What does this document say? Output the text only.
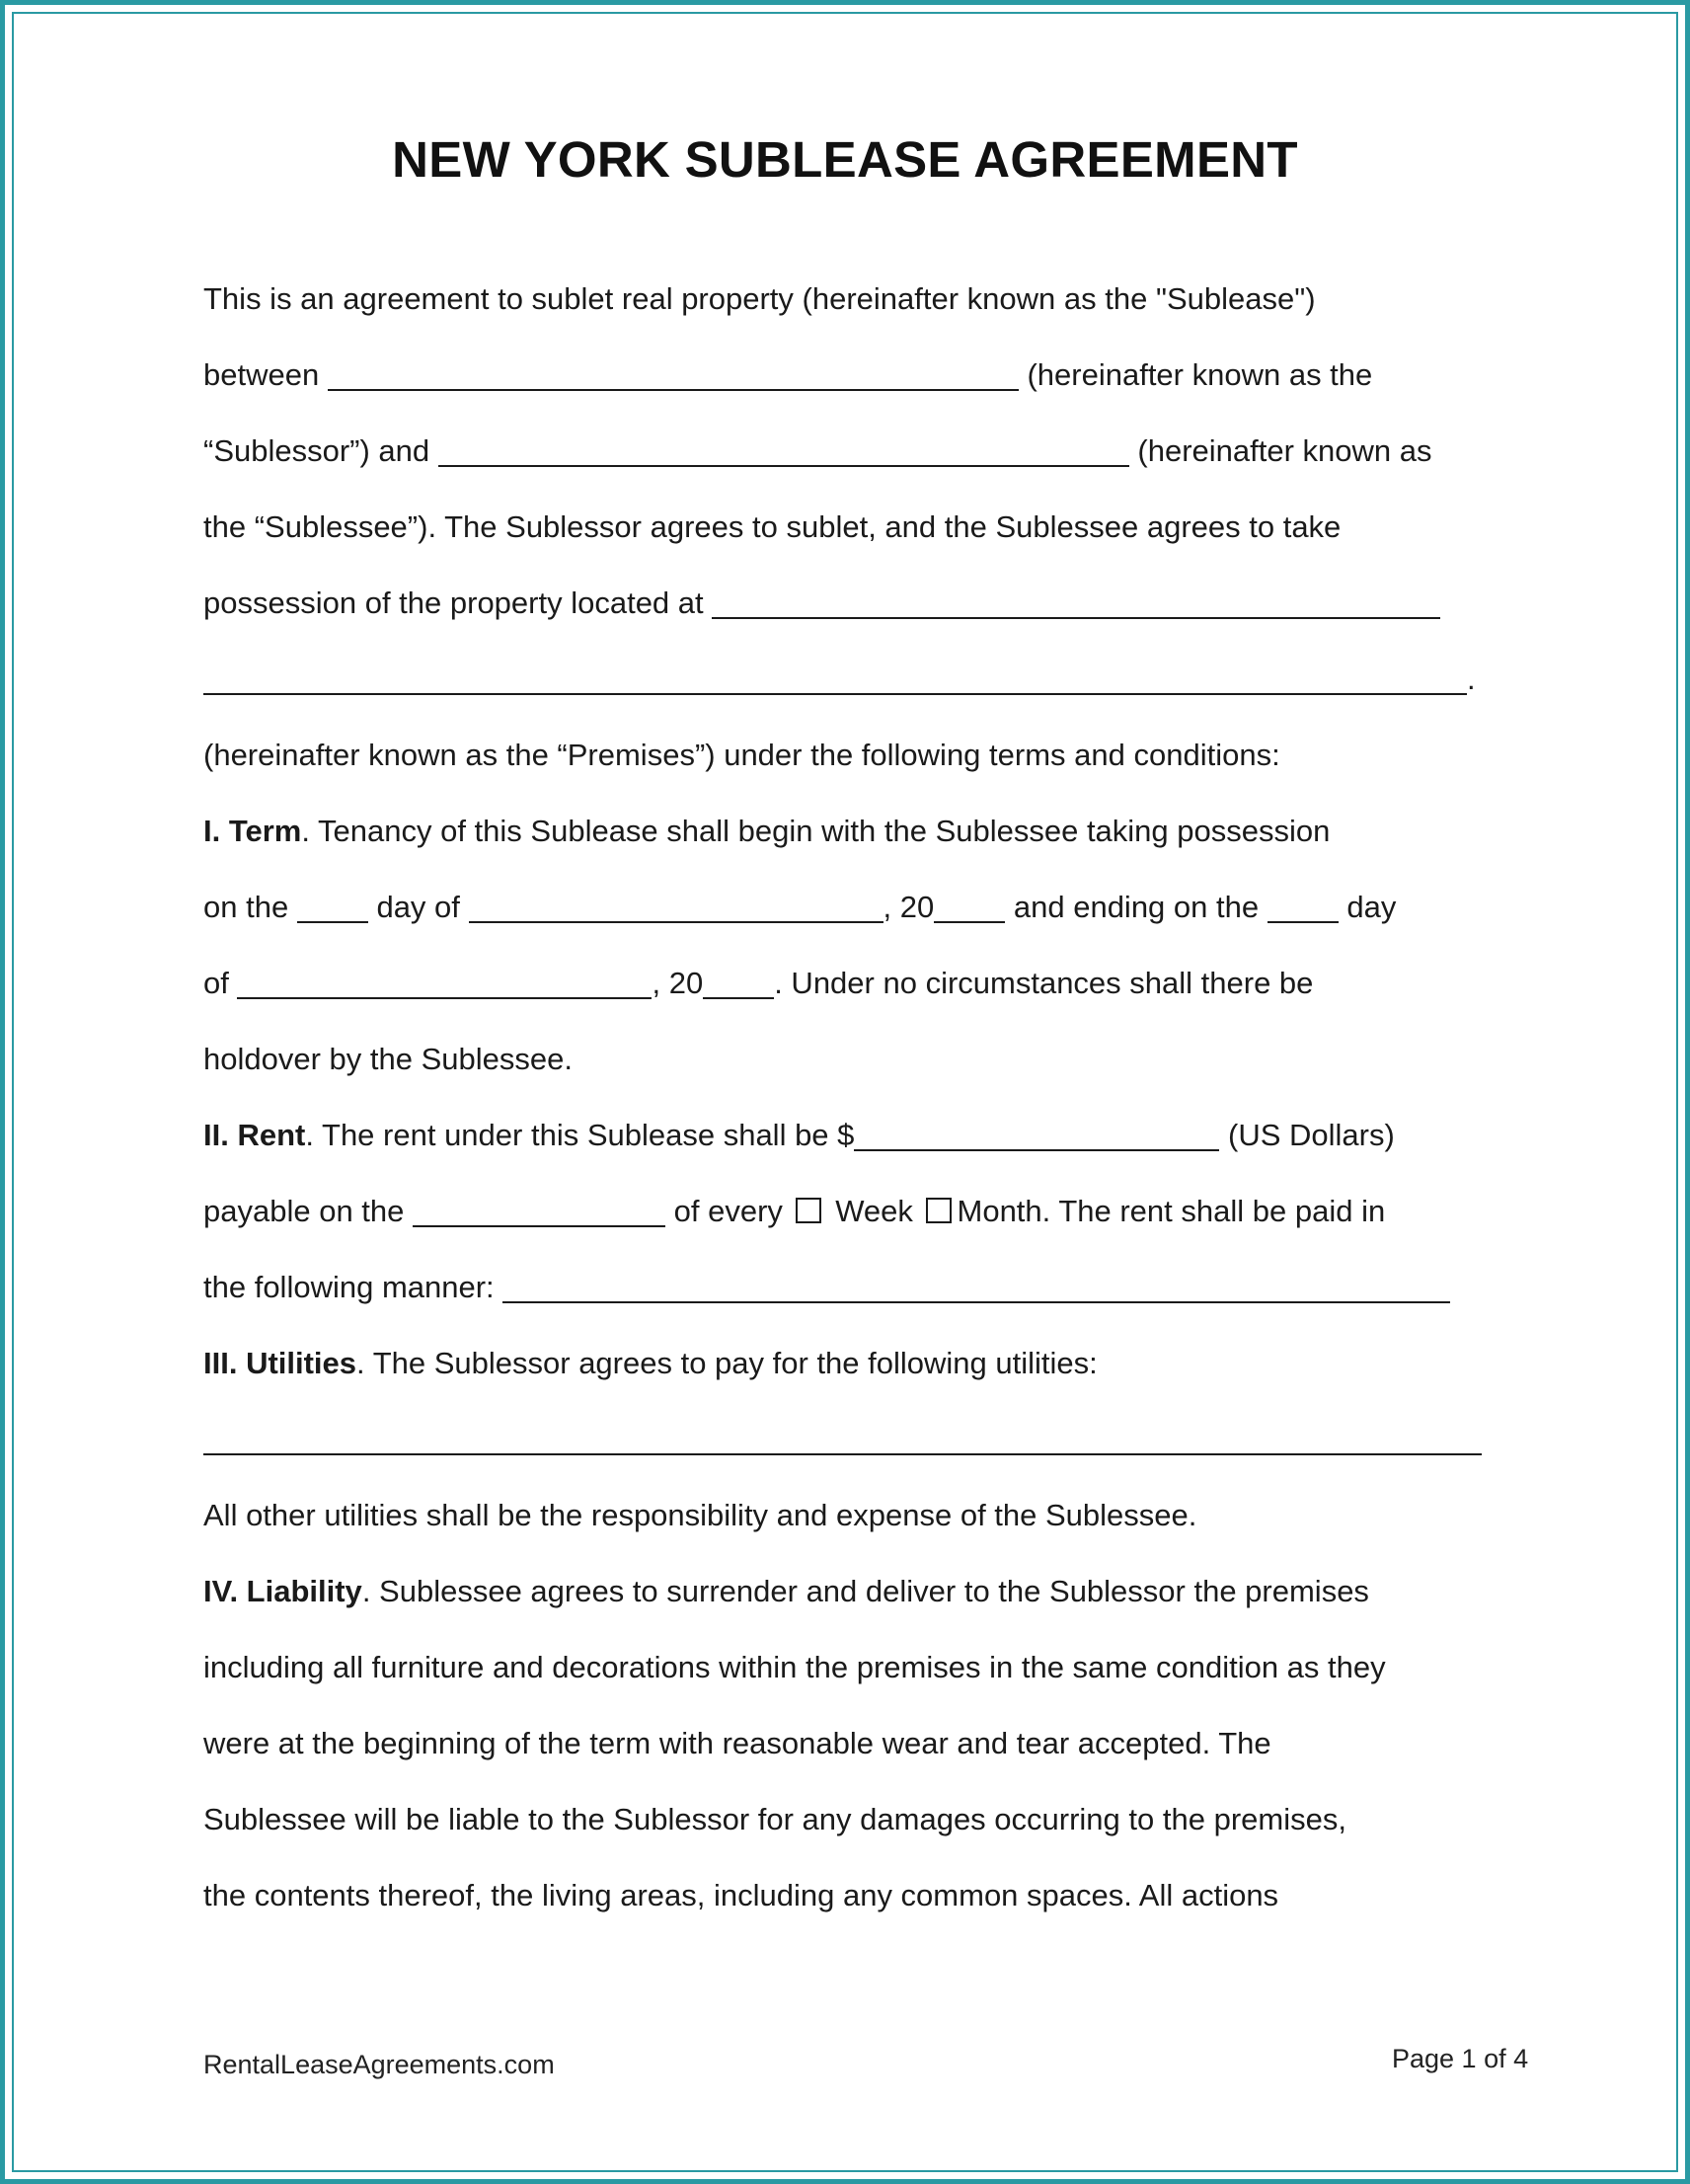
NEW YORK SUBLEASE AGREEMENT
This is an agreement to sublet real property (hereinafter known as the "Sublease")
between	(hereinafter known as the
“Sublessor”) and	(hereinafter known as
the “Sublessee”). The Sublessor agrees to sublet, and the Sublessee agrees to take
possession of the property located at
.
(hereinafter known as the “Premises”) under the following terms and conditions:
I. Term. Tenancy of this Sublease shall begin with the Sublessee taking possession
on the	day of	, 20	and ending on the	day
of	, 20 . Under no circumstances shall there be
holdover by the Sublessee.
II. Rent. The rent under this Sublease shall be $	(US Dollars)
payable on the	of every Week Month. The rent shall be paid in
the following manner:
III. Utilities. The Sublessor agrees to pay for the following utilities:
All other utilities shall be the responsibility and expense of the Sublessee.
IV. Liability. Sublessee agrees to surrender and deliver to the Sublessor the premises
including all furniture and decorations within the premises in the same condition as they
were at the beginning of the term with reasonable wear and tear accepted. The
Sublessee will be liable to the Sublessor for any damages occurring to the premises,
the contents thereof, the living areas, including any common spaces. All actions
RentalLeaseAgreements.com	Page 1 of 4
